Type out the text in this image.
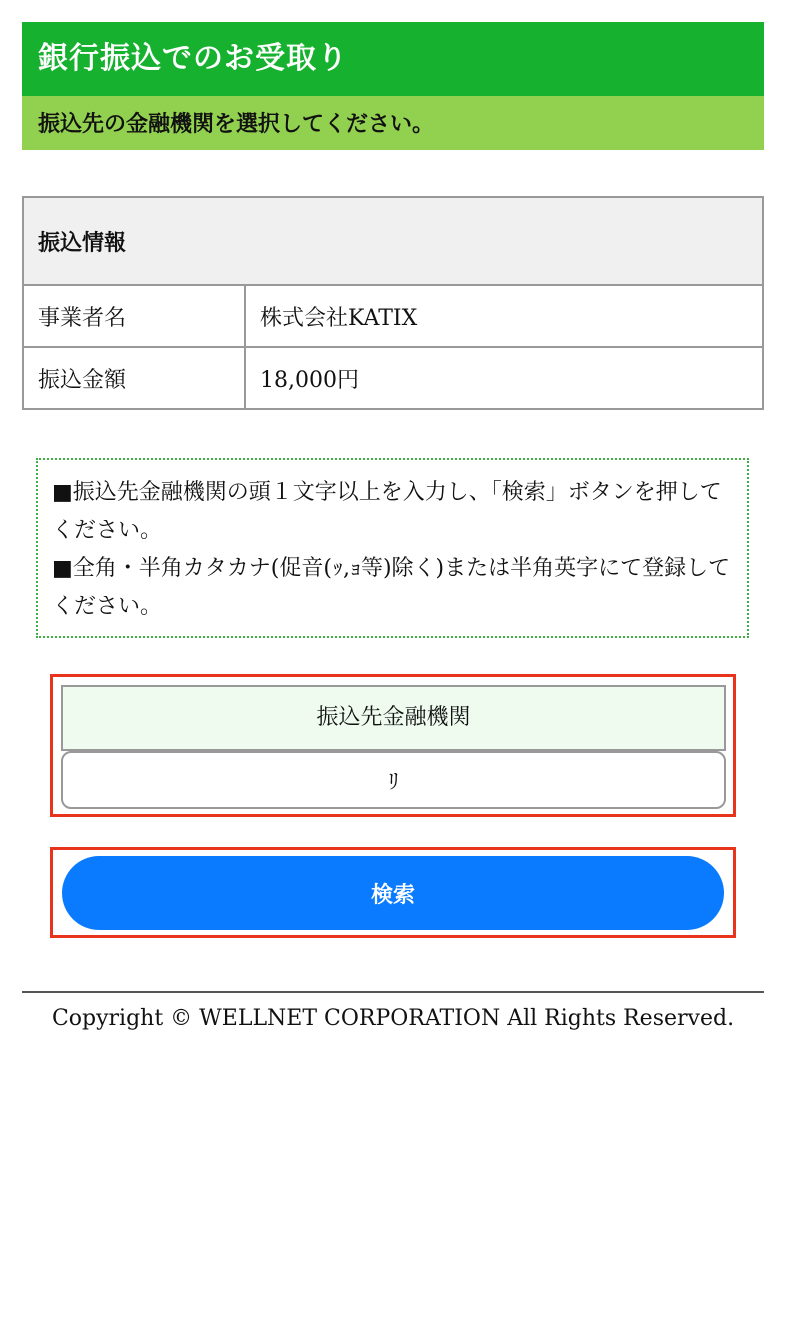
銀行振込でのお受取り
振込先の金融機関を選択してください。
振込情報	
事業者名	株式会社KATIX
振込金額	18,000円

■振込先金融機関の頭１文字以上を入力し、「検索」ボタンを押してください。

■全角・半角カタカナ(促音(ｯ,ｮ等)除く)または半角英字にて登録してください。

振込先金融機関
ﾘ
検索
Copyright © WELLNET CORPORATION All Rights Reserved.
